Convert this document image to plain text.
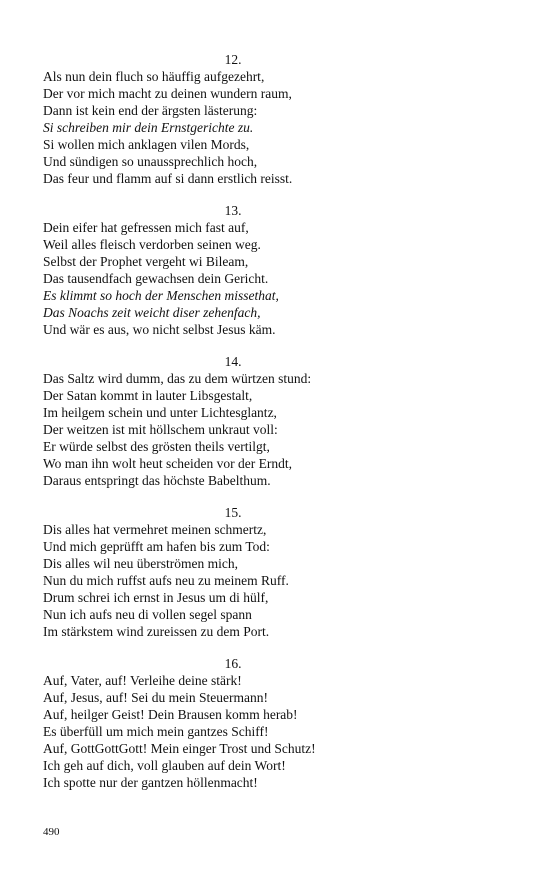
12.
Als nun dein fluch so häuffig aufgezehrt,
Der vor mich macht zu deinen wundern raum,
Dann ist kein end der ärgsten lästerung:
Si schreiben mir dein Ernstgerichte zu.
Si wollen mich anklagen vilen Mords,
Und sündigen so unaussprechlich hoch,
Das feur und flamm auf si dann erstlich reisst.
13.
Dein eifer hat gefressen mich fast auf,
Weil alles fleisch verdorben seinen weg.
Selbst der Prophet vergeht wi Bileam,
Das tausendfach gewachsen dein Gericht.
Es klimmt so hoch der Menschen missethat,
Das Noachs zeit weicht diser zehenfach,
Und wär es aus, wo nicht selbst Jesus käm.
14.
Das Saltz wird dumm, das zu dem würtzen stund:
Der Satan kommt in lauter Libsgestalt,
Im heilgem schein und unter Lichtesglantz,
Der weitzen ist mit höllschem unkraut voll:
Er würde selbst des grösten theils vertilgt,
Wo man ihn wolt heut scheiden vor der Erndt,
Daraus entspringt das höchste Babelthum.
15.
Dis alles hat vermehret meinen schmertz,
Und mich geprüfft am hafen bis zum Tod:
Dis alles wil neu überströmen mich,
Nun du mich ruffst aufs neu zu meinem Ruff.
Drum schrei ich ernst in Jesus um di hülf,
Nun ich aufs neu di vollen segel spann
Im stärkstem wind zureissen zu dem Port.
16.
Auf, Vater, auf! Verleihe deine stärk!
Auf, Jesus, auf! Sei du mein Steuermann!
Auf, heilger Geist! Dein Brausen komm herab!
Es überfüll um mich mein gantzes Schiff!
Auf, GottGottGott! Mein einger Trost und Schutz!
Ich geh auf dich, voll glauben auf dein Wort!
Ich spotte nur der gantzen höllenmacht!
490
